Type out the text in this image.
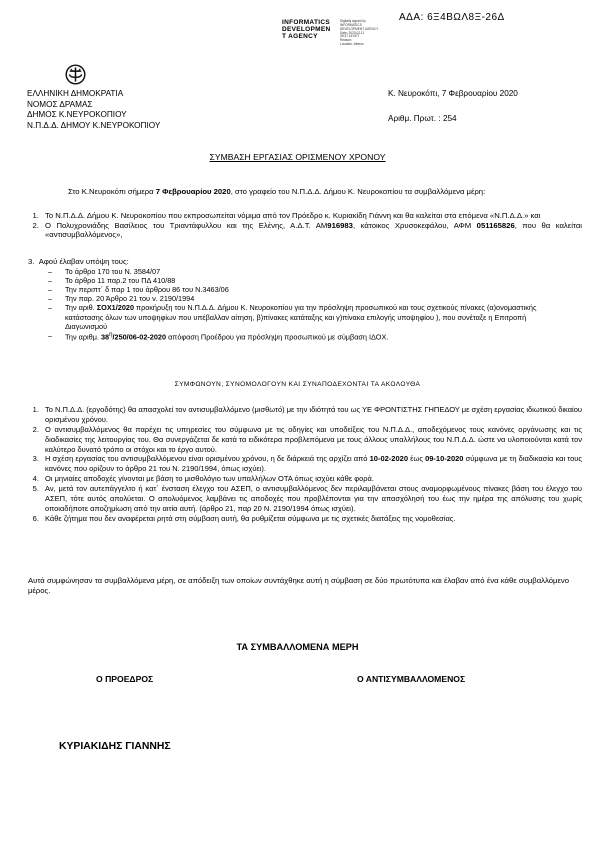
ΑΔΑ: 6Ξ4ΒΩΛ8Ξ-26Δ
INFORMATICS
DEVELOPMEN
T AGENCY
Digitally signed by
INFORMATICS
DEVELOPMENT AGENCY
Date: 2020.02.11
09:37:16 EET
Reason:
Location: Athens
ΕΛΛΗΝΙΚΗ ΔΗΜΟΚΡΑΤΙΑ
ΝΟΜΟΣ ΔΡΑΜΑΣ
ΔΗΜΟΣ Κ.ΝΕΥΡΟΚΟΠΙΟΥ
Ν.Π.Δ.Δ. ΔΗΜΟΥ Κ.ΝΕΥΡΟΚΟΠΙΟΥ
Κ. Νευροκόπι, 7 Φεβρουαρίου 2020
Αριθμ. Πρωτ. : 254
ΣΥΜΒΑΣΗ ΕΡΓΑΣΙΑΣ ΟΡΙΣΜΕΝΟΥ ΧΡΟΝΟΥ
Στο Κ.Νευροκόπι σήμερα 7 Φεβρουαρίου 2020, στο γραφείο του Ν.Π.Δ.Δ. Δήμου Κ. Νευροκοπίου τα συμβαλλόμενα μέρη:
1. Το Ν.Π.Δ.Δ. Δήμου Κ. Νευροκοπίου που εκπροσωπείται νόμιμα από τον Πρόεδρο κ. Κυριακίδη Γιάννη και θα καλείται στα επόμενα «Ν.Π.Δ.Δ.» και
2. Ο Πολυχρονιάδης Βασίλειος του Τριαντάφυλλου και της Ελένης, Α.Δ.Τ. ΑΜ916983, κάτοικος Χρυσοκεφάλου, ΑΦΜ 051165826, που θα καλείται «αντισυμβαλλόμενος»,
3.  Αφού έλαβαν υπόψη τους:
– Το άρθρο 170 του Ν. 3584/07
– Το άρθρο 11 παρ.2 του ΠΔ 410/88
– Την περιπτ΄ δ παρ 1 του άρθρου 86 του Ν.3463/06
– Την παρ. 20 Άρθρο 21 του ν. 2190/1994
– Την αριθ. ΣΟΧ1/2020 προκήρυξη του Ν.Π.Δ.Δ. Δήμου Κ. Νευροκοπίου για την πρόσληψη προσωπικού και τους σχετικούς πίνακες (α)ονομαστικής κατάστασης όλων των υποψηφίων που υπέβαλλαν αίτηση, β)πίνακες κατάταξης και γ)πίνακα επιλογής υποψηφίου ), που συνέταξε η Επιτροπή Διαγωνισμού
– Την αριθμ. $38^\eta/250/06-02-2020$ απόφαση Προέδρου για πρόσληψη προσωπικού με σύμβαση ΙΔΟΧ.
ΣΥΜΦΩΝΟΥΝ, ΣΥΝΟΜΟΛΟΓΟΥΝ ΚΑΙ ΣΥΝΑΠΟΔΕΧΟΝΤΑΙ ΤΑ ΑΚΟΛΟΥΘΑ
1. Το Ν.Π.Δ.Δ. (εργοδότης) θα απασχολεί τον αντισυμβαλλόμενο (μισθωτό) με την ιδιότητά του ως ΥΕ ΦΡΟΝΤΙΣΤΗΣ ΓΗΠΕΔΟΥ με σχέση εργασίας ιδιωτικού δικαίου ορισμένου χρόνου.
2. Ο αντισυμβαλλόμενος θα παρέχει τις υπηρεσίες του σύμφωνα με τις οδηγίες και υποδείξεις του Ν.Π.Δ.Δ., αποδεχόμενος τους κανόνες οργάνωσης και τις διαδικασίες της λειτουργίας του. Θα συνεργάζεται δε κατά τα ειδικότερα προβλεπόμενα με τους άλλους υπαλλήλους του Ν.Π.Δ.Δ. ώστε να υλοποιούνται κατά τον καλύτερο δυνατό τρόπο οι στόχοι και το έργο αυτού.
3. Η σχέση εργασίας του αντισυμβαλλόμενου είναι ορισμένου χρόνου, η δε διάρκειά της αρχίζει από 10-02-2020 έως 09-10-2020 σύμφωνα με τη διαδικασία και τους κανόνες που ορίζουν το άρθρο 21 του Ν. 2190/1994, όπως ισχύει).
4. Οι μηνιαίες αποδοχές γίνονται με βάση το μισθολόγιο των υπαλλήλων ΟΤΑ όπως ισχύει κάθε φορά.
5. Αν, μετά τον αυτεπάγγελτο ή κατ΄ ένσταση έλεγχο του ΑΣΕΠ, ο αντισυμβαλλόμενος δεν περιλαμβάνεται στους αναμορφωμένους πίνακες βάση του έλεγχο του ΑΣΕΠ, τότε αυτός απολύεται. Ο απολυόμενος λαμβάνει τις αποδοχές που προβλέπονται για την απασχόλησή του έως την ημέρα της απόλυσης του χωρίς οποιαδήποτε αποζημίωση από την αιτία αυτή. (άρθρο 21, παρ 20 Ν. 2190/1994 όπως ισχύει).
6. Κάθε ζήτημα που δεν αναφέρεται ρητά στη σύμβαση αυτή, θα ρυθμίζεται σύμφωνα με τις σχετικές διατάξεις της νομοθεσίας.
Αυτά συμφώνησαν τα συμβαλλόμενα μέρη, σε απόδειξη των οποίων συντάχθηκε αυτή η σύμβαση σε δύο πρωτότυπα και έλαβαν από ένα κάθε συμβαλλόμενο μέρος.
ΤΑ ΣΥΜΒΑΛΛΟΜΕΝΑ ΜΕΡΗ
Ο ΠΡΟΕΔΡΟΣ	Ο ΑΝΤΙΣΥΜΒΑΛΛΟΜΕΝΟΣ
ΚΥΡΙΑΚΙΔΗΣ ΓΙΑΝΝΗΣ
